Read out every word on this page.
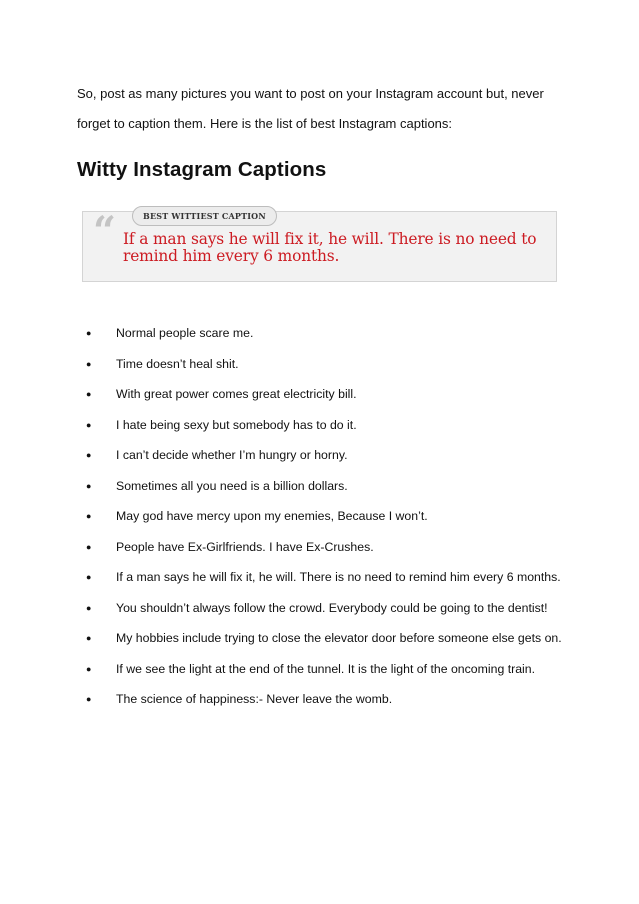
So, post as many pictures you want to post on your Instagram account but, never forget to caption them. Here is the list of best Instagram captions:

Witty Instagram Captions
“	BEST WITTIEST CAPTION

If a man says he will fix it, he will. There is no need to remind him every 6 months.

● Normal people scare me.
● Time doesn’t heal shit.
● With great power comes great electricity bill.
● I hate being sexy but somebody has to do it.
● I can’t decide whether I’m hungry or horny.
● Sometimes all you need is a billion dollars.
● May god have mercy upon my enemies, Because I won’t.
● People have Ex-Girlfriends. I have Ex-Crushes.
● If a man says he will fix it, he will. There is no need to remind him every 6 months.
● You shouldn’t always follow the crowd. Everybody could be going to the dentist!
● My hobbies include trying to close the elevator door before someone else gets on.
● If we see the light at the end of the tunnel. It is the light of the oncoming train.
● The science of happiness:- Never leave the womb.
